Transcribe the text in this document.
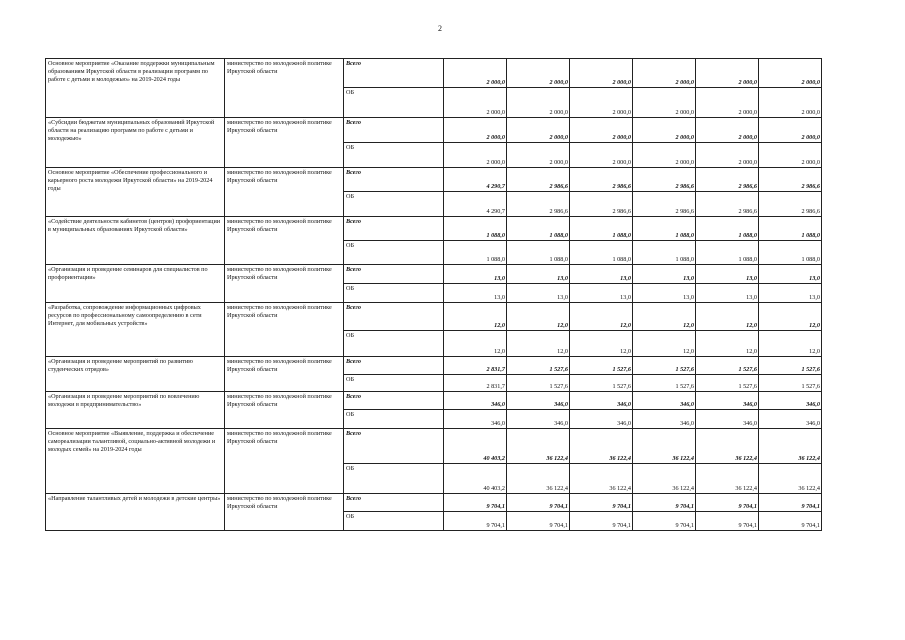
2
Основное мероприятие «Оказание поддержки муниципальным образованиям Иркутской области в реализации программ по работе с детьми и молодежью» на 2019-2024 годы	министерство по молодежной политике Иркутской области	Всего	2 000,0	2 000,0	2 000,0	2 000,0	2 000,0	2 000,0
		ОБ	2 000,0	2 000,0	2 000,0	2 000,0	2 000,0	2 000,0
«Субсидии бюджетам муниципальных образований Иркутской области на реализацию программ по работе с детьми и молодежью»	министерство по молодежной политике Иркутской области	Всего	2 000,0	2 000,0	2 000,0	2 000,0	2 000,0	2 000,0
		ОБ	2 000,0	2 000,0	2 000,0	2 000,0	2 000,0	2 000,0
Основное мероприятие «Обеспечение профессионального и карьерного роста молодежи Иркутской области» на 2019-2024 годы	министерство по молодежной политике Иркутской области	Всего	4 290,7	2 986,6	2 986,6	2 986,6	2 986,6	2 986,6
		ОБ	4 290,7	2 986,6	2 986,6	2 986,6	2 986,6	2 986,6
«Содействие деятельности кабинетов (центров) профориентации в муниципальных образованиях Иркутской области»	министерство по молодежной политике Иркутской области	Всего	1 088,0	1 088,0	1 088,0	1 088,0	1 088,0	1 088,0
		ОБ	1 088,0	1 088,0	1 088,0	1 088,0	1 088,0	1 088,0
«Организация и проведение семинаров для специалистов по профориентации»	министерство по молодежной политике Иркутской области	Всего	13,0	13,0	13,0	13,0	13,0	13,0
		ОБ	13,0	13,0	13,0	13,0	13,0	13,0
«Разработка, сопровождение информационных цифровых ресурсов по профессиональному самоопределению в сети Интернет, для мобильных устройств»	министерство по молодежной политике Иркутской области	Всего	12,0	12,0	12,0	12,0	12,0	12,0
		ОБ	12,0	12,0	12,0	12,0	12,0	12,0
«Организация и проведение мероприятий по развитию студенческих отрядов»	министерство по молодежной политике Иркутской области	Всего	2 831,7	1 527,6	1 527,6	1 527,6	1 527,6	1 527,6
		ОБ	2 831,7	1 527,6	1 527,6	1 527,6	1 527,6	1 527,6
«Организация и проведение мероприятий по вовлечению молодежи в предпринимательство»	министерство по молодежной политике Иркутской области	Всего	346,0	346,0	346,0	346,0	346,0	346,0
		ОБ	346,0	346,0	346,0	346,0	346,0	346,0
Основное мероприятие «Выявление, поддержка и обеспечение самореализации талантливой, социально-активной молодежи и молодых семей» на 2019-2024 годы	министерство по молодежной политике Иркутской области	Всего	40 403,2	36 122,4	36 122,4	36 122,4	36 122,4	36 122,4
		ОБ	40 403,2	36 122,4	36 122,4	36 122,4	36 122,4	36 122,4
«Направление талантливых детей и молодежи в детские центры»	министерство по молодежной политике Иркутской области	Всего	9 704,1	9 704,1	9 704,1	9 704,1	9 704,1	9 704,1
		ОБ	9 704,1	9 704,1	9 704,1	9 704,1	9 704,1	9 704,1
